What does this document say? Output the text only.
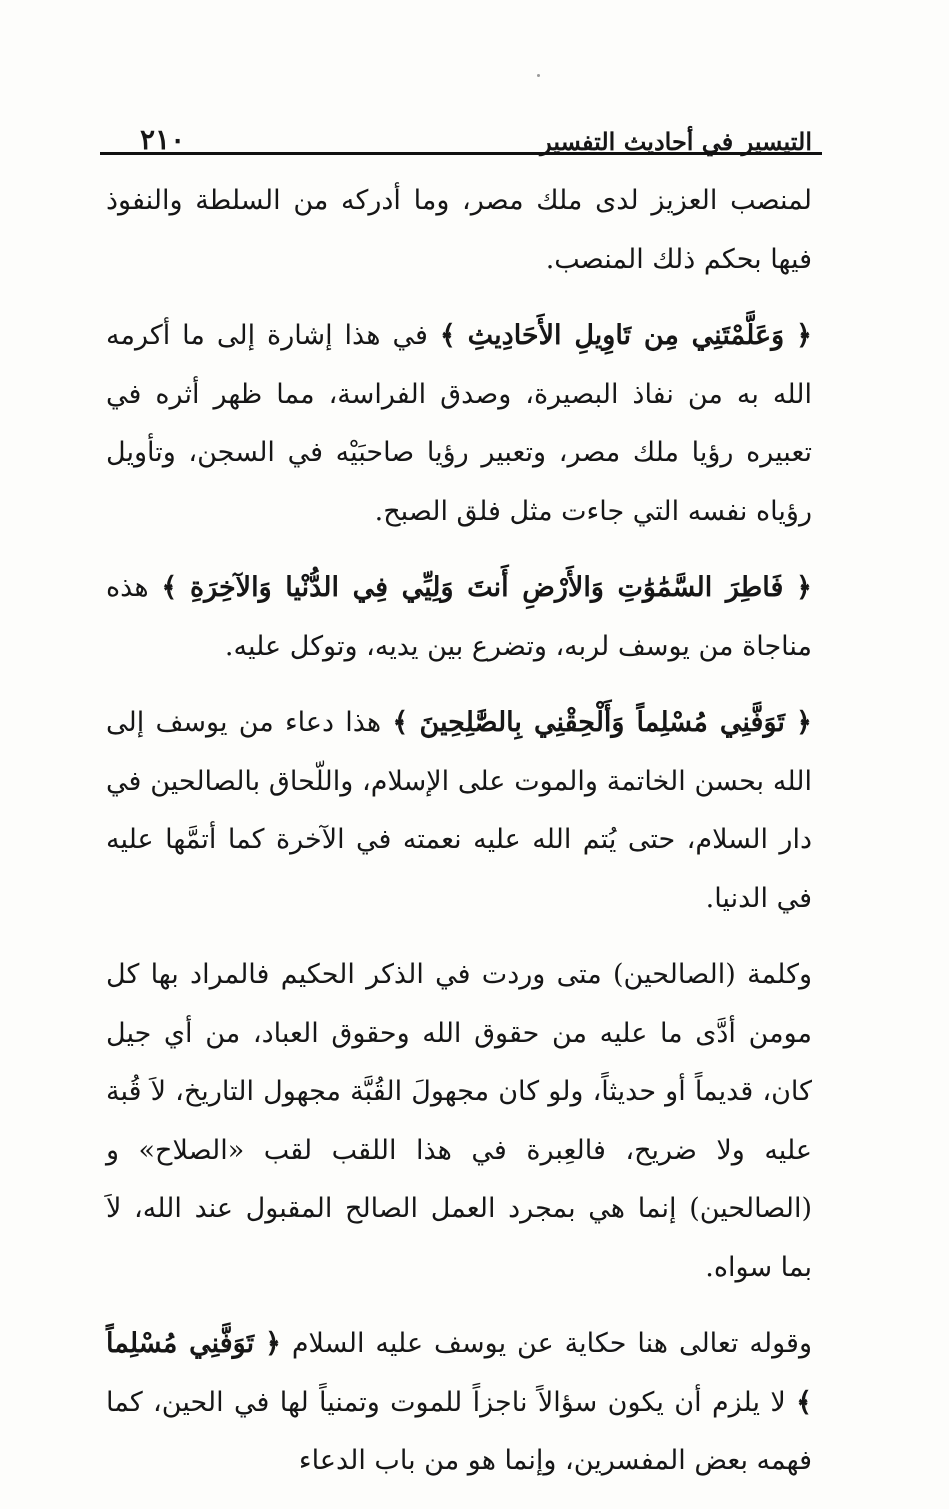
٢١٠	التيسير في أحاديث التفسير

لمنصب العزيز لدى ملك مصر، وما أدركه من السلطة والنفوذ فيها بحكم ذلك المنصب.

﴿ وَعَلَّمْتَنِي مِن تَاوِيلِ الأَحَادِيثِ ﴾ في هذا إشارة إلى ما أكرمه الله به من نفاذ البصيرة، وصدق الفراسة، مما ظهر أثره في تعبيره رؤيا ملك مصر، وتعبير رؤيا صاحبَيْه في السجن، وتأويل رؤياه نفسه التي جاءت مثل فلق الصبح.

﴿ فَاطِرَ السَّمَٰوَٰتِ وَالأَرْضِ أَنتَ وَلِيِّي فِي الدُّنْيا وَالآخِرَةِ ﴾ هذه مناجاة من يوسف لربه، وتضرع بين يديه، وتوكل عليه.

﴿ تَوَفَّنِي مُسْلِماً وَأَلْحِقْنِي بِالصَّٰلِحِينَ ﴾ هذا دعاء من يوسف إلى الله بحسن الخاتمة والموت على الإسلام، واللّحاق بالصالحين في دار السلام، حتى يُتم الله عليه نعمته في الآخرة كما أتمَّها عليه في الدنيا.

وكلمة (الصالحين) متى وردت في الذكر الحكيم فالمراد بها كل مومن أدَّى ما عليه من حقوق الله وحقوق العباد، من أي جيل كان، قديماً أو حديثاً، ولو كان مجهولَ القُبَّة مجهول التاريخ، لاَ قُبة عليه ولا ضريح، فالعِبرة في هذا اللقب لقب «الصلاح» و (الصالحين) إنما هي بمجرد العمل الصالح المقبول عند الله، لاَ بما سواه.

وقوله تعالى هنا حكاية عن يوسف عليه السلام ﴿ تَوَفَّنِي مُسْلِماً ﴾ لا يلزم أن يكون سؤالاً ناجزاً للموت وتمنياً لها في الحين، كما فهمه بعض المفسرين، وإنما هو من باب الدعاء
